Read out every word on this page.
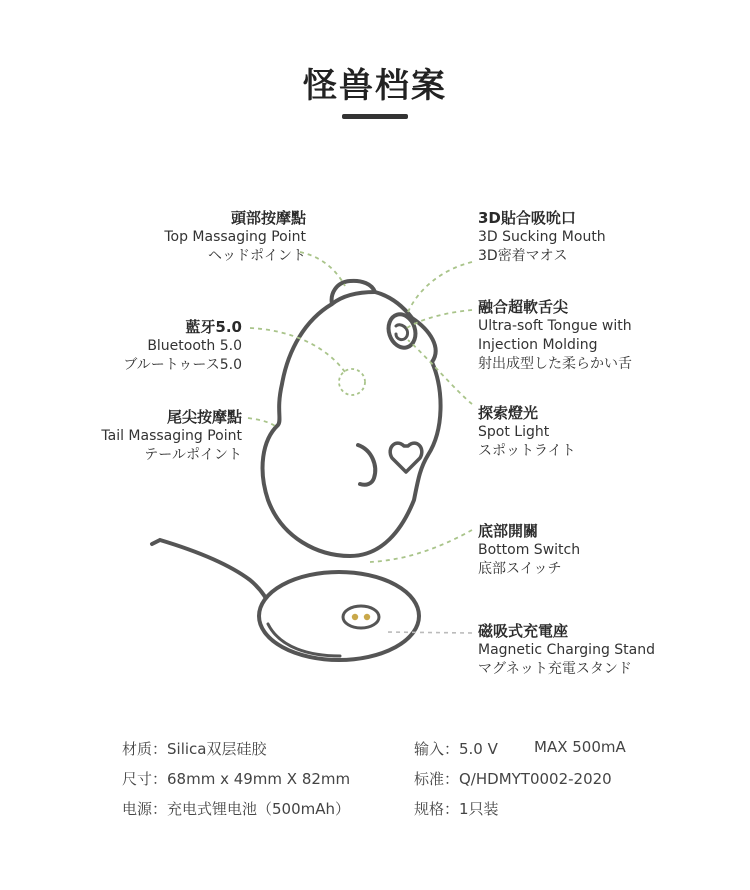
怪兽档案
頭部按摩點
Top Massaging Point
ヘッドポイント
藍牙5.0
Bluetooth 5.0
ブルートゥース5.0
尾尖按摩點
Tail Massaging Point
テールポイント
3D貼合吸吮口
3D Sucking Mouth
3D密着マオス
融合超軟舌尖
Ultra-soft Tongue with
Injection Molding
射出成型した柔らかい舌
探索燈光
Spot Light
スポットライト
底部開關
Bottom Switch
底部スイッチ
磁吸式充電座
Magnetic Charging Stand
マグネット充電スタンド
材质：Silica双层硅胶
尺寸：68mm x 49mm X 82mm
电源：充电式锂电池（500mAh）
输入：5.0 V MAX 500mA
标准：Q/HDMYT0002-2020
规格：1只装
